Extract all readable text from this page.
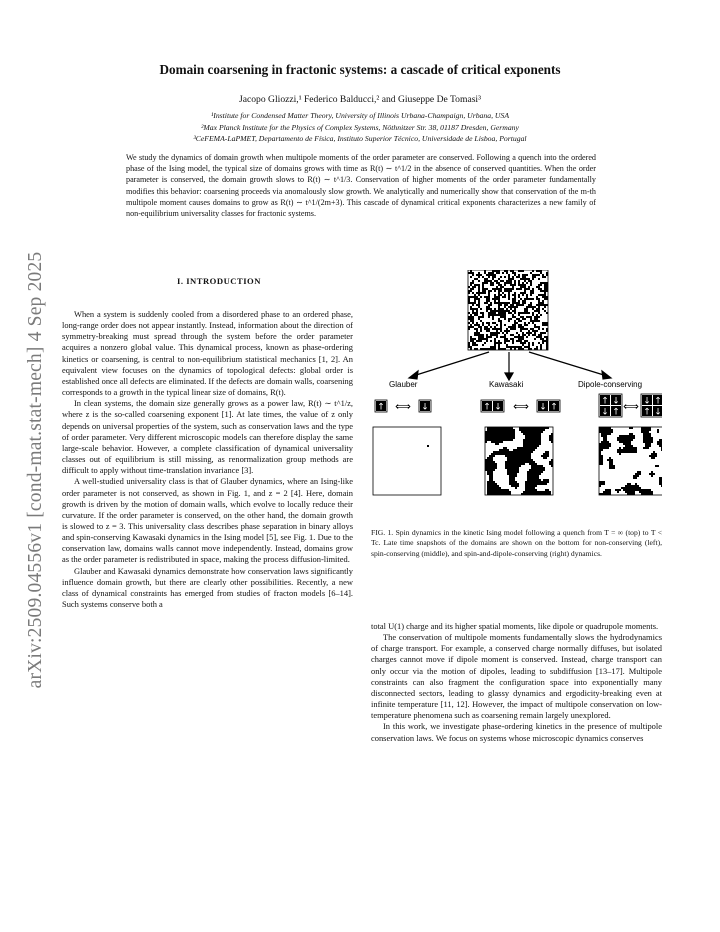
arXiv:2509.04556v1 [cond-mat.stat-mech] 4 Sep 2025
Domain coarsening in fractonic systems: a cascade of critical exponents
Jacopo Gliozzi,¹ Federico Balducci,² and Giuseppe De Tomasi³
¹Institute for Condensed Matter Theory, University of Illinois Urbana-Champaign, Urbana, USA
²Max Planck Institute for the Physics of Complex Systems, Nöthnitzer Str. 38, 01187 Dresden, Germany
³CeFEMA-LaPMET, Departamento de Física, Instituto Superior Técnico, Universidade de Lisboa, Portugal
We study the dynamics of domain growth when multipole moments of the order parameter are conserved. Following a quench into the ordered phase of the Ising model, the typical size of domains grows with time as R(t) ∼ t^1/2 in the absence of conserved quantities. When the order parameter is conserved, the domain growth slows to R(t) ∼ t^1/3. Conservation of higher moments of the order parameter fundamentally modifies this behavior: coarsening proceeds via anomalously slow growth. We analytically and numerically show that conservation of the m-th multipole moment causes domains to grow as R(t) ∼ t^1/(2m+3). This cascade of dynamical critical exponents characterizes a new family of non-equilibrium universality classes for fractonic systems.
I. INTRODUCTION

When a system is suddenly cooled from a disordered phase to an ordered phase, long-range order does not appear instantly. Instead, information about the direction of symmetry-breaking must spread through the system before the order parameter acquires a nonzero global value. This dynamical process, known as phase-ordering kinetics or coarsening, is central to non-equilibrium statistical mechanics [1, 2]. An equivalent view focuses on the dynamics of topological defects: global order is established once all defects are eliminated. If the defects are domain walls, coarsening corresponds to a growth in the typical linear size of domains, R(t).

In clean systems, the domain size generally grows as a power law, R(t) ∼ t^1/z, where z is the so-called coarsening exponent [1]. At late times, the value of z only depends on universal properties of the system, such as conservation laws and the type of order parameter. Very different microscopic models can therefore display the same large-scale behavior. However, a complete classification of dynamical universality classes out of equilibrium is still missing, as renormalization group methods are difficult to apply without time-translation invariance [3].

A well-studied universality class is that of Glauber dynamics, where an Ising-like order parameter is not conserved, as shown in Fig. 1, and z = 2 [4]. Here, domain growth is driven by the motion of domain walls, which evolve to locally reduce their curvature. If the order parameter is conserved, on the other hand, the domain growth is slowed to z = 3. This universality class describes phase separation in binary alloys and spin-conserving Kawasaki dynamics in the Ising model [5], see Fig. 1. Due to the conservation law, domains walls cannot move independently. Instead, domains grow as the order parameter is redistributed in space, making the process diffusion-limited.

Glauber and Kawasaki dynamics demonstrate how conservation laws significantly influence domain growth, but there are clearly other possibilities. Recently, a new class of dynamical constraints has emerged from studies of fracton models [6–14]. Such systems conserve both a

↑ ⟺ ↓	↑ ↓ ⟺ ↓ ↑
↑ ↓
↓ ↑ ⟺ ↓ ↑
↑ ↓
Glauber	Kawasaki	Dipole-conserving
FIG. 1. Spin dynamics in the kinetic Ising model following a quench from T = ∞ (top) to T < Tc. Late time snapshots of the domains are shown on the bottom for non-conserving (left), spin-conserving (middle), and spin-and-dipole-conserving (right) dynamics.

total U(1) charge and its higher spatial moments, like dipole or quadrupole moments.

The conservation of multipole moments fundamentally slows the hydrodynamics of charge transport. For example, a conserved charge normally diffuses, but isolated charges cannot move if dipole moment is conserved. Instead, charge transport can only occur via the motion of dipoles, leading to subdiffusion [13–17]. Multipole constraints can also fragment the configuration space into exponentially many disconnected sectors, leading to glassy dynamics and ergodicity-breaking even at infinite temperature [11, 12]. However, the impact of multipole conservation on low-temperature phenomena such as coarsening remain largely unexplored.

In this work, we investigate phase-ordering kinetics in the presence of multipole conservation laws. We focus on systems whose microscopic dynamics conserves
